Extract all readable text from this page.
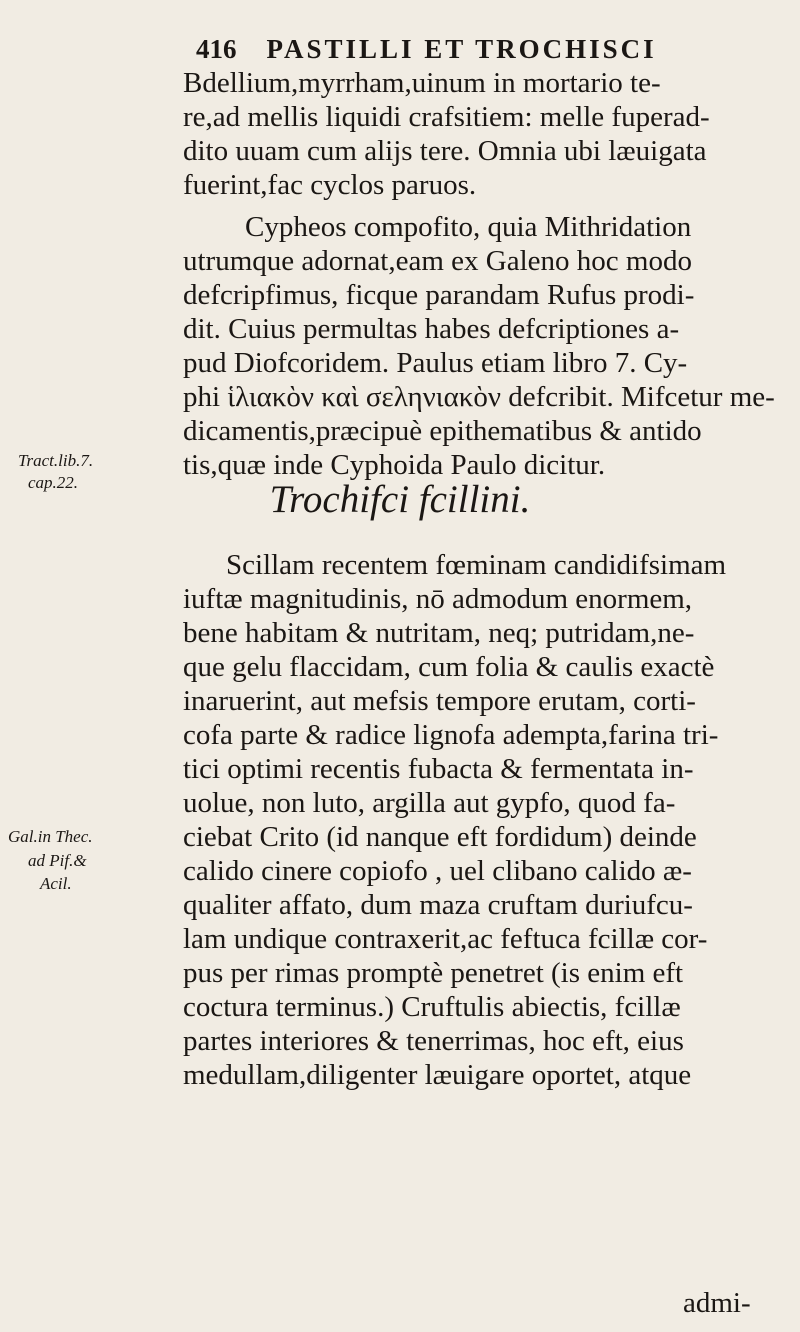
416 PASTILLI ET TROCHISCI
Bdellium,myrrham,uinum in mortario te-
re,ad mellis liquidi crafsitiem: melle fuperad-
dito uuam cum alijs tere. Omnia ubi læuigata
fuerint,fac cyclos paruos.
Cypheos compofito, quia Mithridation
utrumque adornat,eam ex Galeno hoc modo
defcripfimus, ficque parandam Rufus prodi-
dit. Cuius permultas habes defcriptiones a-
pud Diofcoridem. Paulus etiam libro 7. Cy-
phi ἱλιακὸν καὶ σεληνιακὸν defcribit. Mifcetur me-
dicamentis,præcipuè epithematibus & antido
tis,quæ inde Cyphoida Paulo dicitur.
Trochifci fcillini.
Scillam recentem fœminam candidifsimam
iuftæ magnitudinis, nō admodum enormem,
bene habitam & nutritam, neq; putridam,ne-
que gelu flaccidam, cum folia & caulis exactè
inaruerint, aut mefsis tempore erutam, corti-
cofa parte & radice lignofa adempta,farina tri-
tici optimi recentis fubacta & fermentata in-
uolue, non luto, argilla aut gypfo, quod fa-
ciebat Crito (id nanque eft fordidum) deinde
calido cinere copiofo , uel clibano calido æ-
qualiter affato, dum maza cruftam duriufcu-
lam undique contraxerit,ac feftuca fcillæ cor-
pus per rimas promptè penetret (is enim eft
coctura terminus.) Cruftulis abiectis, fcillæ
partes interiores & tenerrimas, hoc eft, eius
medullam,diligenter læuigare oportet, atque
admi-
Tract.lib.7.
cap.22.
Gal.in Thec.
ad Pif.&
Acil.
